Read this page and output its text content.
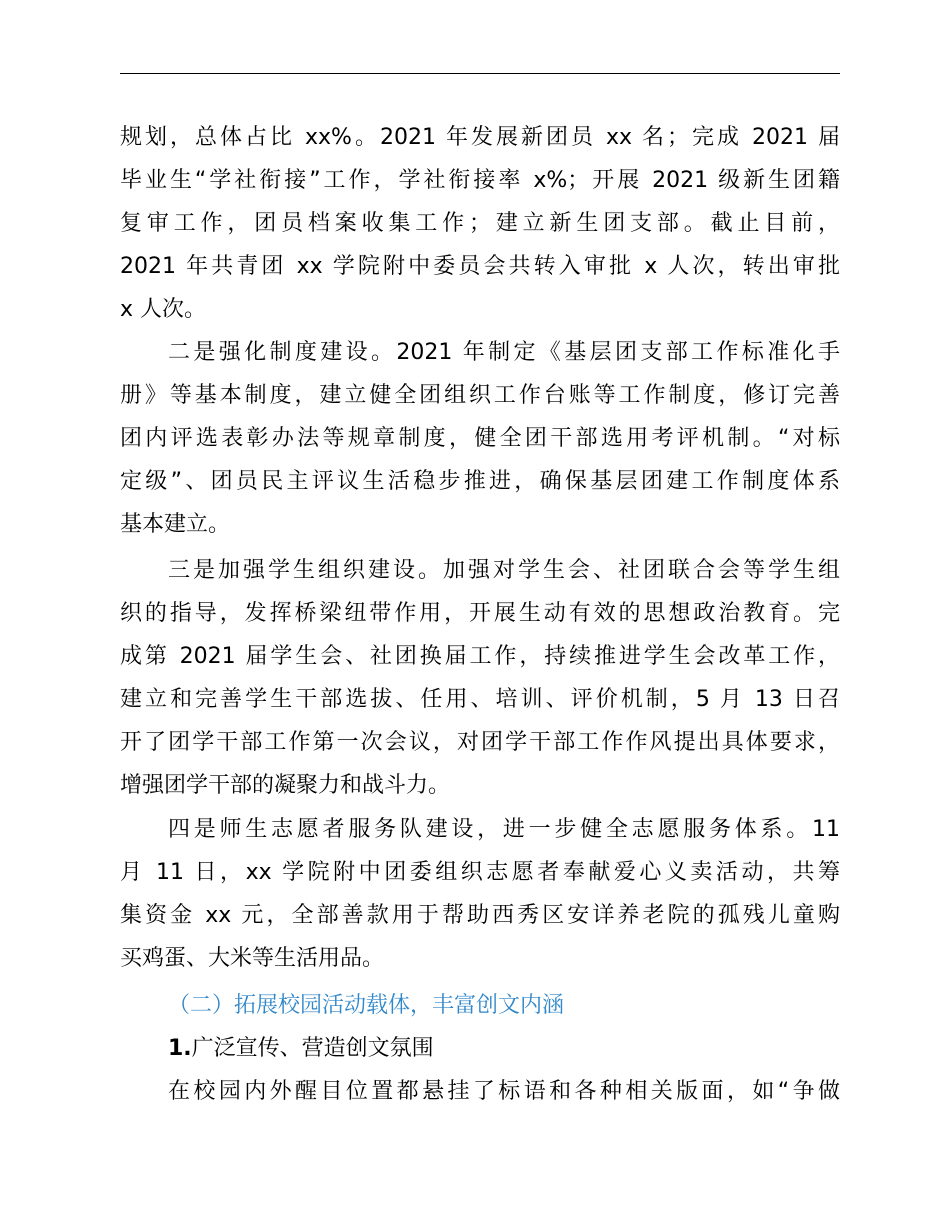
规划，总体占比 xx%。2021 年发展新团员 xx 名；完成 2021 届
毕业生“学社衔接”工作，学社衔接率 x%；开展 2021 级新生团籍
复审工作，团员档案收集工作；建立新生团支部。截止目前，
2021 年共青团 xx 学院附中委员会共转入审批 x 人次，转出审批
x 人次。
二是强化制度建设。2021 年制定《基层团支部工作标准化手
册》等基本制度，建立健全团组织工作台账等工作制度，修订完善
团内评选表彰办法等规章制度，健全团干部选用考评机制。“对标
定级”、团员民主评议生活稳步推进，确保基层团建工作制度体系
基本建立。
三是加强学生组织建设。加强对学生会、社团联合会等学生组
织的指导，发挥桥梁纽带作用，开展生动有效的思想政治教育。完
成第 2021 届学生会、社团换届工作，持续推进学生会改革工作，
建立和完善学生干部选拔、任用、培训、评价机制，5 月 13 日召
开了团学干部工作第一次会议，对团学干部工作作风提出具体要求，
增强团学干部的凝聚力和战斗力。
四是师生志愿者服务队建设，进一步健全志愿服务体系。11
月 11 日，xx 学院附中团委组织志愿者奉献爱心义卖活动，共筹
集资金 xx 元，全部善款用于帮助西秀区安详养老院的孤残儿童购
买鸡蛋、大米等生活用品。
（二）拓展校园活动载体，丰富创文内涵
1.广泛宣传、营造创文氛围
在校园内外醒目位置都悬挂了标语和各种相关版面，如“争做
